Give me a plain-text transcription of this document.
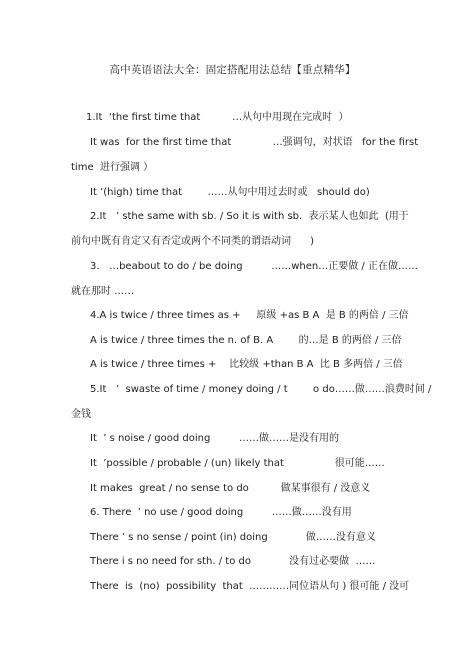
高中英语语法大全：固定搭配用法总结【重点精华】
1.It  ‘the first time that          …从句中用现在完成时  ）
It was  for the first time that             …强调句，对状语   for the first
time  进行强调 ）
It ’(high) time that        ……从句中用过去时或   should do)
2.It   ’ sthe same with sb. / So it is with sb.  表示某人也如此  (用于
前句中既有肯定又有否定或两个不同类的谓语动词      )
3.   …beabout to do / be doing         ……when…正要做 / 正在做……
就在那时 ……
4.A is twice / three times as +     原级 +as B A  是 B 的两倍 / 三倍
A is twice / three times the n. of B. A        的…是 B 的两倍 / 三倍
A is twice / three times +    比较级 +than B A  比 B 多两倍 / 三倍
5.It   ’  swaste of time / money doing / t        o do……做……浪费时间 /
金钱
It  ’ s noise / good doing         ……做……是没有用的
It  ’possible / probable / (un) likely that                很可能……
It makes  great / no sense to do          做某事很有 / 没意义
6. There  ’ no use / good doing         ……做……没有用
There ’ s no sense / point (in) doing            做……没有意义
There i s no need for sth. / to do            没有过必要做  ……
There  is  (no)  possibility  that  …………同位语从句 ) 很可能 / 没可
